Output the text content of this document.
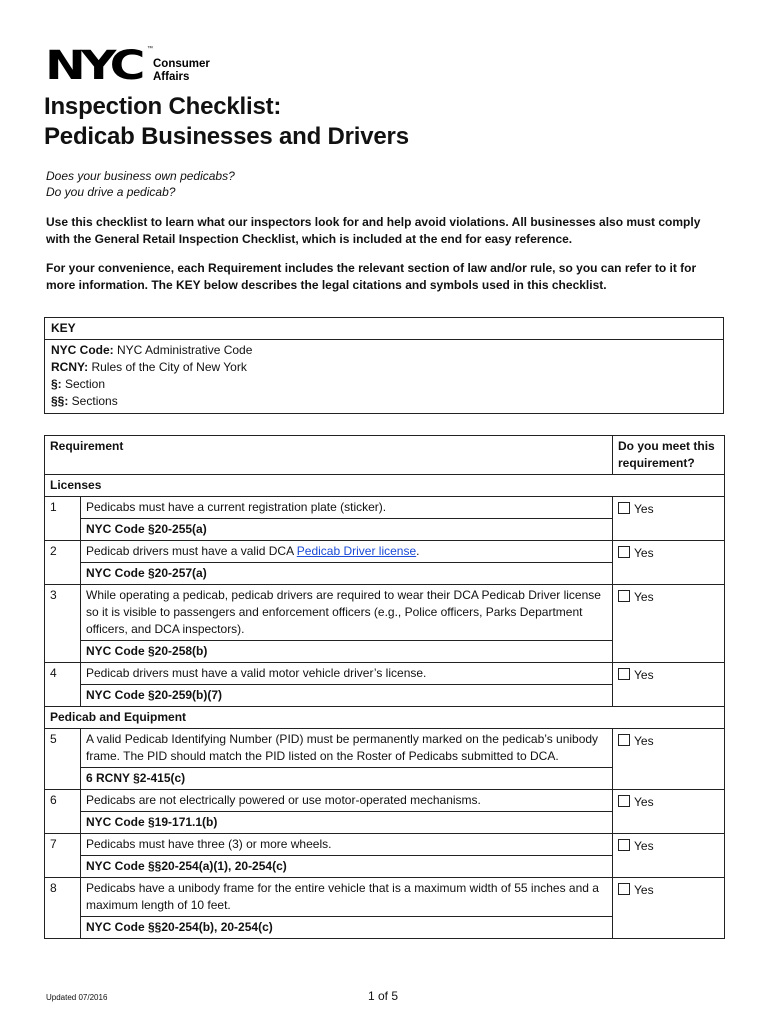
NYC ™
Consumer
Affairs
Inspection Checklist:
Pedicab Businesses and Drivers
Does your business own pedicabs?
Do you drive a pedicab?
Use this checklist to learn what our inspectors look for and help avoid violations. All businesses also must comply with the General Retail Inspection Checklist, which is included at the end for easy reference.
For your convenience, each Requirement includes the relevant section of law and/or rule, so you can refer to it for more information. The KEY below describes the legal citations and symbols used in this checklist.
KEY
NYC Code: NYC Administrative Code
RCNY: Rules of the City of New York
§: Section
§§: Sections
Requirement		Do you meet this requirement?
Licenses		
1	Pedicabs must have a current registration plate (sticker).	Yes
	NYC Code §20-255(a)	
2	Pedicab drivers must have a valid DCA Pedicab Driver license.	Yes
	NYC Code §20-257(a)	
3	While operating a pedicab, pedicab drivers are required to wear their DCA Pedicab Driver license so it is visible to passengers and enforcement officers (e.g., Police officers, Parks Department officers, and DCA inspectors).	Yes
	NYC Code §20-258(b)	
4	Pedicab drivers must have a valid motor vehicle driver’s license.	Yes
	NYC Code §20-259(b)(7)	
Pedicab and Equipment		
5	A valid Pedicab Identifying Number (PID) must be permanently marked on the pedicab’s unibody frame. The PID should match the PID listed on the Roster of Pedicabs submitted to DCA.	Yes
	6 RCNY §2-415(c)	
6	Pedicabs are not electrically powered or use motor-operated mechanisms.	Yes
	NYC Code §19-171.1(b)	
7	Pedicabs must have three (3) or more wheels.	Yes
	NYC Code §§20-254(a)(1), 20-254(c)	
8	Pedicabs have a unibody frame for the entire vehicle that is a maximum width of 55 inches and a maximum length of 10 feet.	Yes
	NYC Code §§20-254(b), 20-254(c)	
Updated 07/2016	1 of 5
